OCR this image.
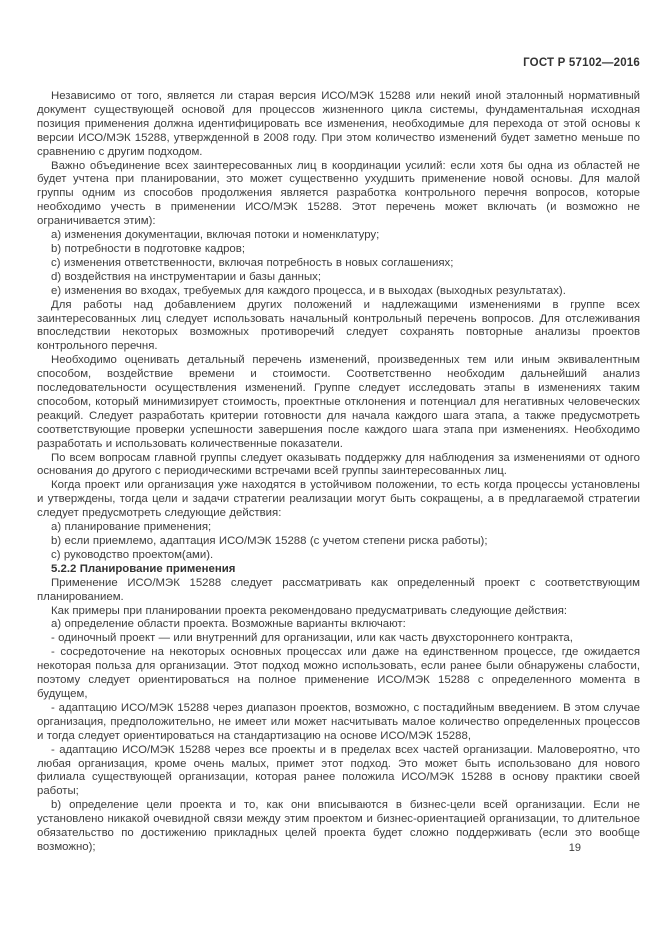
ГОСТ Р 57102—2016

Независимо от того, является ли старая версия ИСО/МЭК 15288 или некий иной эталонный нормативный документ существующей основой для процессов жизненного цикла системы, фундаментальная исходная позиция применения должна идентифицировать все изменения, необходимые для перехода от этой основы к версии ИСО/МЭК 15288, утвержденной в 2008 году. При этом количество изменений будет заметно меньше по сравнению с другим подходом.

Важно объединение всех заинтересованных лиц в координации усилий: если хотя бы одна из областей не будет учтена при планировании, это может существенно ухудшить применение новой основы. Для малой группы одним из способов продолжения является разработка контрольного перечня вопросов, которые необходимо учесть в применении ИСО/МЭК 15288. Этот перечень может включать (и возможно не ограничивается этим):

a) изменения документации, включая потоки и номенклатуру;

b) потребности в подготовке кадров;

c) изменения ответственности, включая потребность в новых соглашениях;

d) воздействия на инструментарии и базы данных;

e) изменения во входах, требуемых для каждого процесса, и в выходах (выходных результатах).

Для работы над добавлением других положений и надлежащими изменениями в группе всех заинтересованных лиц следует использовать начальный контрольный перечень вопросов. Для отслеживания впоследствии некоторых возможных противоречий следует сохранять повторные анализы проектов контрольного перечня.

Необходимо оценивать детальный перечень изменений, произведенных тем или иным эквивалентным способом, воздействие времени и стоимости. Соответственно необходим дальнейший анализ последовательности осуществления изменений. Группе следует исследовать этапы в изменениях таким способом, который минимизирует стоимость, проектные отклонения и потенциал для негативных человеческих реакций. Следует разработать критерии готовности для начала каждого шага этапа, а также предусмотреть соответствующие проверки успешности завершения после каждого шага этапа при изменениях. Необходимо разработать и использовать количественные показатели.

По всем вопросам главной группы следует оказывать поддержку для наблюдения за изменениями от одного основания до другого с периодическими встречами всей группы заинтересованных лиц.

Когда проект или организация уже находятся в устойчивом положении, то есть когда процессы установлены и утверждены, тогда цели и задачи стратегии реализации могут быть сокращены, а в предлагаемой стратегии следует предусмотреть следующие действия:

a) планирование применения;

b) если приемлемо, адаптация ИСО/МЭК 15288 (с учетом степени риска работы);

c) руководство проектом(ами).

5.2.2 Планирование применения

Применение ИСО/МЭК 15288 следует рассматривать как определенный проект с соответствующим планированием.

Как примеры при планировании проекта рекомендовано предусматривать следующие действия:

a) определение области проекта. Возможные варианты включают:

- одиночный проект — или внутренний для организации, или как часть двухстороннего контракта,

- сосредоточение на некоторых основных процессах или даже на единственном процессе, где ожидается некоторая польза для организации. Этот подход можно использовать, если ранее были обнаружены слабости, поэтому следует ориентироваться на полное применение ИСО/МЭК 15288 с определенного момента в будущем,

- адаптацию ИСО/МЭК 15288 через диапазон проектов, возможно, с постадийным введением. В этом случае организация, предположительно, не имеет или может насчитывать малое количество определенных процессов и тогда следует ориентироваться на стандартизацию на основе ИСО/МЭК 15288,

- адаптацию ИСО/МЭК 15288 через все проекты и в пределах всех частей организации. Маловероятно, что любая организация, кроме очень малых, примет этот подход. Это может быть использовано для нового филиала существующей организации, которая ранее положила ИСО/МЭК 15288 в основу практики своей работы;

b) определение цели проекта и то, как они вписываются в бизнес-цели всей организации. Если не установлено никакой очевидной связи между этим проектом и бизнес-ориентацией организации, то длительное обязательство по достижению прикладных целей проекта будет сложно поддерживать (если это вообще возможно);	19
